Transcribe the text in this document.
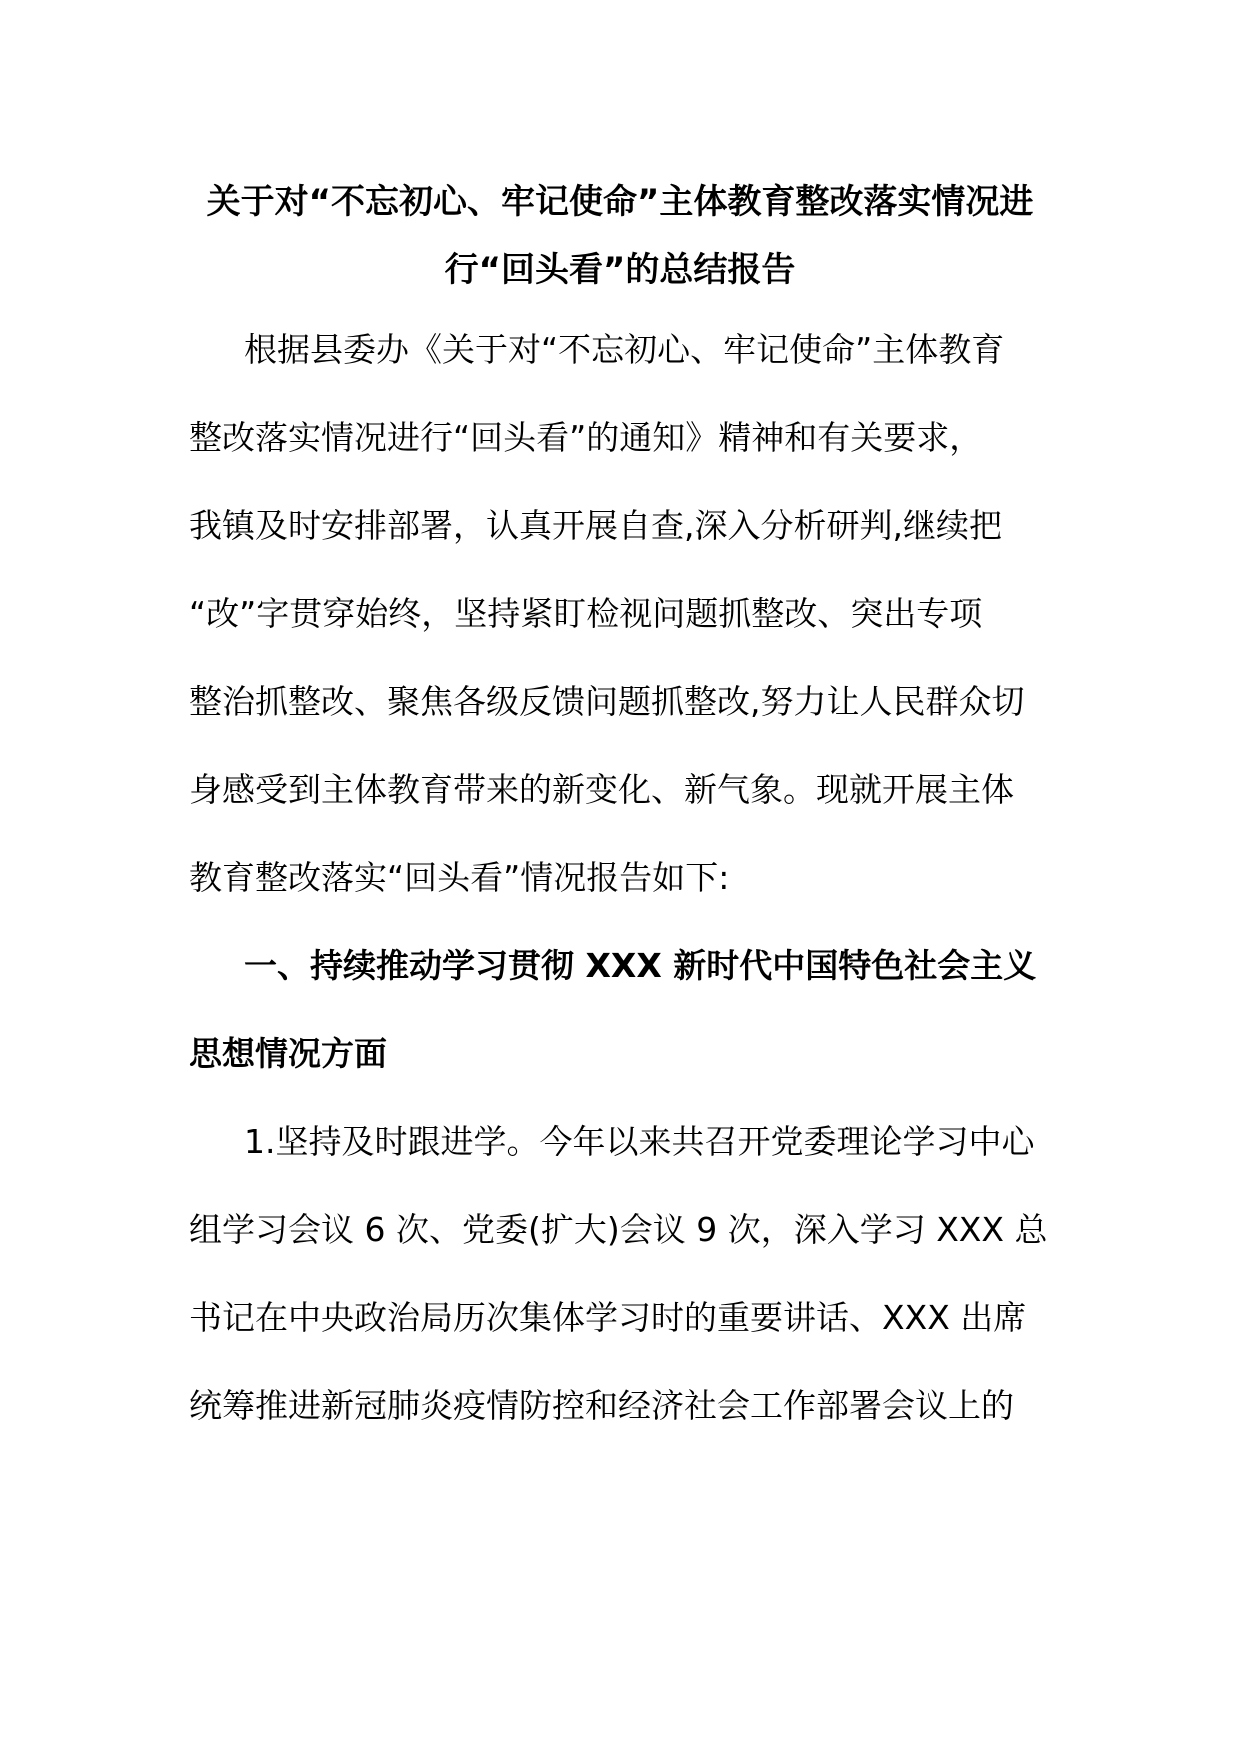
关于对“不忘初心、牢记使命”主体教育整改落实情况进
行“回头看”的总结报告
根据县委办《关于对“不忘初心、牢记使命”主体教育
整改落实情况进行“回头看”的通知》精神和有关要求，
我镇及时安排部署，认真开展自查,深入分析研判,继续把
“改”字贯穿始终，坚持紧盯检视问题抓整改、突出专项
整治抓整改、聚焦各级反馈问题抓整改,努力让人民群众切
身感受到主体教育带来的新变化、新气象。现就开展主体
教育整改落实“回头看”情况报告如下:
一、持续推动学习贯彻 XXX 新时代中国特色社会主义
思想情况方面
1.坚持及时跟进学。今年以来共召开党委理论学习中心
组学习会议 6 次、党委(扩大)会议 9 次，深入学习 XXX 总
书记在中央政治局历次集体学习时的重要讲话、XXX 出席
统筹推进新冠肺炎疫情防控和经济社会工作部署会议上的
